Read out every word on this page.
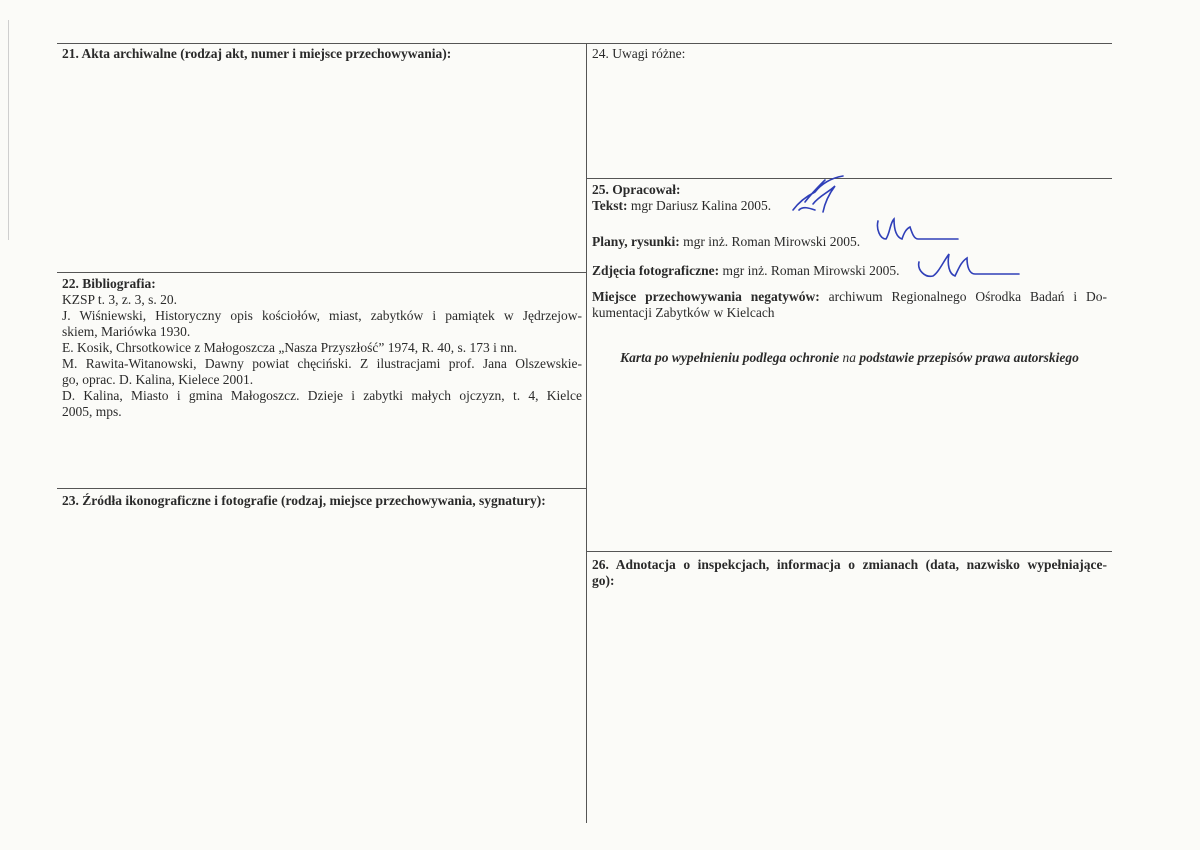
21. Akta archiwalne (rodzaj akt, numer i miejsce przechowywania):
22. Bibliografia:
KZSP t. 3, z. 3, s. 20.
J. Wiśniewski, Historyczny opis kościołów, miast, zabytków i pamiątek w Jędrzejow-
skiem, Mariówka 1930.
E. Kosik, Chrsotkowice z Małogoszcza „Nasza Przyszłość” 1974, R. 40, s. 173 i nn.
M. Rawita-Witanowski, Dawny powiat chęciński. Z ilustracjami prof. Jana Olszewskie-
go, oprac. D. Kalina, Kielece 2001.
D. Kalina, Miasto i gmina Małogoszcz. Dzieje i zabytki małych ojczyzn, t. 4, Kielce
2005, mps.
23. Źródła ikonograficzne i fotografie (rodzaj, miejsce przechowywania, sygnatury):
24. Uwagi różne:
25. Opracował:
Tekst: mgr Dariusz Kalina 2005.
Plany, rysunki: mgr inż. Roman Mirowski 2005.
Zdjęcia fotograficzne: mgr inż. Roman Mirowski 2005.
Miejsce przechowywania negatywów: archiwum Regionalnego Ośrodka Badań i Do-
kumentacji Zabytków w Kielcach
Karta po wypełnieniu podlega ochronie na podstawie przepisów prawa autorskiego
26. Adnotacja o inspekcjach, informacja o zmianach (data, nazwisko wypełniające-
go):
